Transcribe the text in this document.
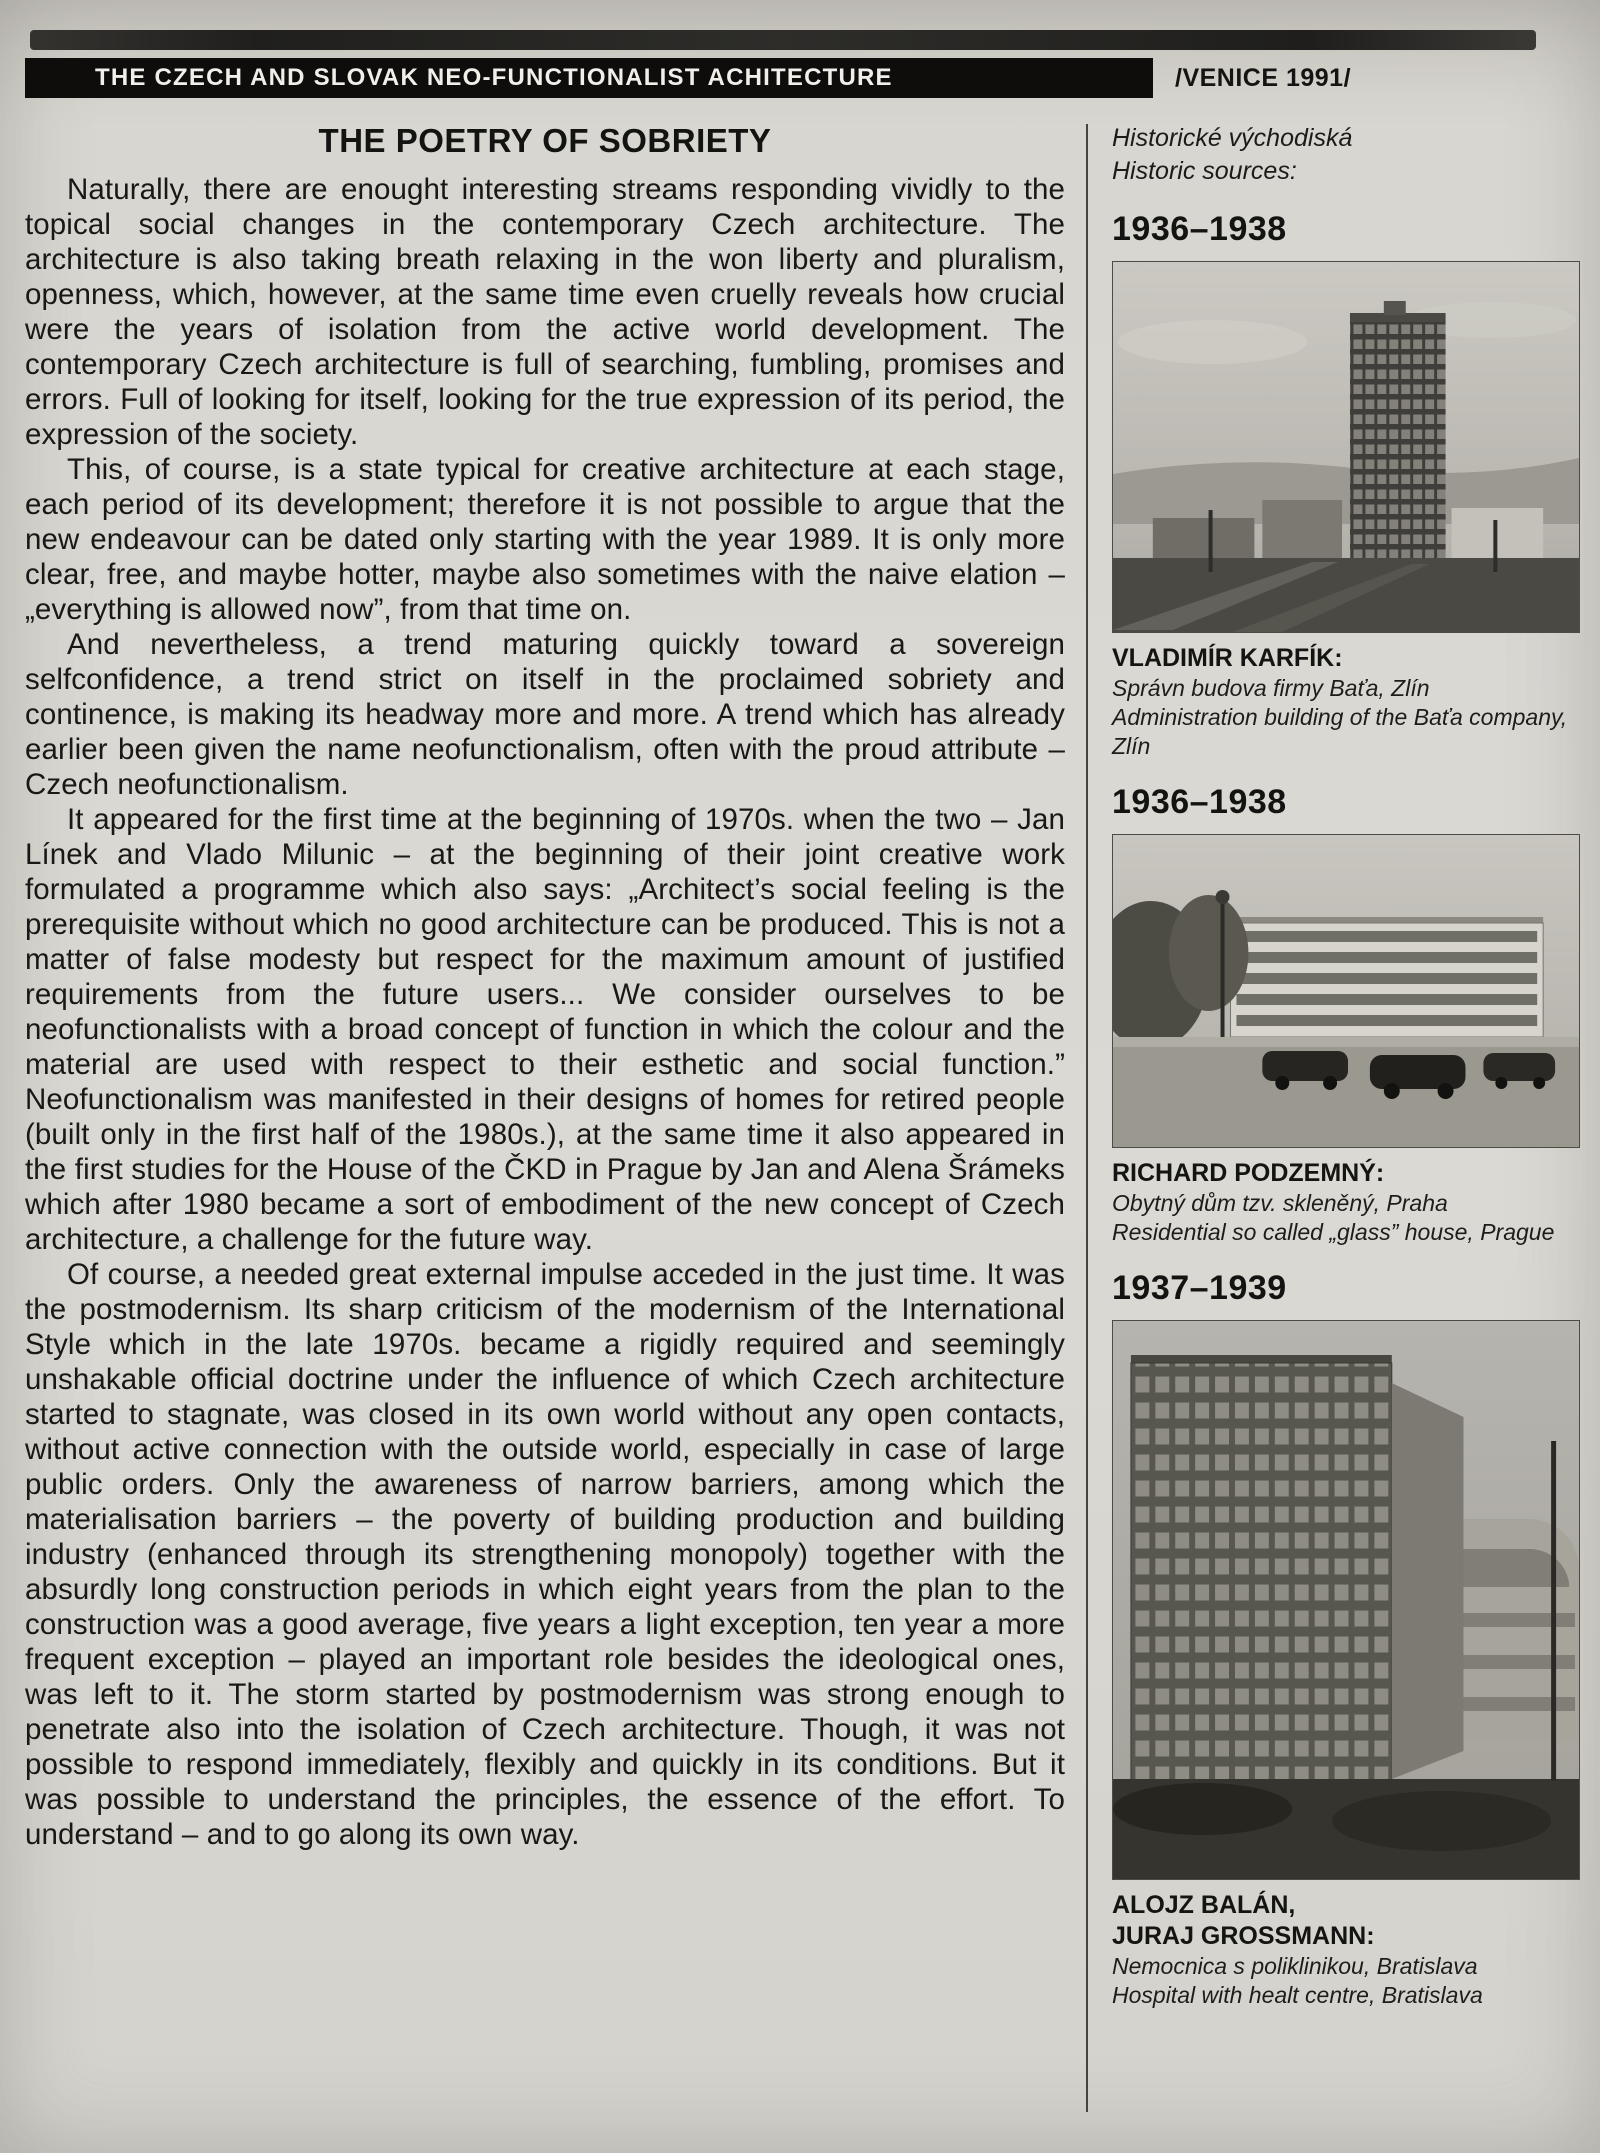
THE CZECH AND SLOVAK NEO-FUNCTIONALIST ACHITECTURE	/VENICE 1991/
THE POETRY OF SOBRIETY

Naturally, there are enought interesting streams responding vividly to the topical social changes in the contemporary Czech architecture. The architecture is also taking breath relaxing in the won liberty and pluralism, openness, which, however, at the same time even cruelly reveals how crucial were the years of isolation from the active world development. The contemporary Czech architecture is full of searching, fumbling, promises and errors. Full of looking for itself, looking for the true expression of its period, the expression of the society.

This, of course, is a state typical for creative architecture at each stage, each period of its development; therefore it is not possible to argue that the new endeavour can be dated only starting with the year 1989. It is only more clear, free, and maybe hotter, maybe also sometimes with the naive elation – „everything is allowed now”, from that time on.

And nevertheless, a trend maturing quickly toward a sovereign selfconfidence, a trend strict on itself in the proclaimed sobriety and continence, is making its headway more and more. A trend which has already earlier been given the name neofunctionalism, often with the proud attribute – Czech neofunctionalism.

It appeared for the first time at the beginning of 1970s. when the two – Jan Línek and Vlado Milunic – at the beginning of their joint creative work formulated a programme which also says: „Architect’s social feeling is the prerequisite without which no good architecture can be produced. This is not a matter of false modesty but respect for the maximum amount of justified requirements from the future users... We consider ourselves to be neofunctionalists with a broad concept of function in which the colour and the material are used with respect to their esthetic and social function.” Neofunctionalism was manifested in their designs of homes for retired people (built only in the first half of the 1980s.), at the same time it also appeared in the first studies for the House of the ČKD in Prague by Jan and Alena Šrámeks which after 1980 became a sort of embodiment of the new concept of Czech architecture, a challenge for the future way.

Of course, a needed great external impulse acceded in the just time. It was the postmodernism. Its sharp criticism of the modernism of the International Style which in the late 1970s. became a rigidly required and seemingly unshakable official doctrine under the influence of which Czech architecture started to stagnate, was closed in its own world without any open contacts, without active connection with the outside world, especially in case of large public orders. Only the awareness of narrow barriers, among which the materialisation barriers – the poverty of building production and building industry (enhanced through its strengthening monopoly) together with the absurdly long construction periods in which eight years from the plan to the construction was a good average, five years a light exception, ten year a more frequent exception – played an important role besides the ideological ones, was left to it. The storm started by postmodernism was strong enough to penetrate also into the isolation of Czech architecture. Though, it was not possible to respond immediately, flexibly and quickly in its conditions. But it was possible to understand the principles, the essence of the effort. To understand – and to go along its own way.

Historické východiská
Historic sources:
1936–1938
VLADIMÍR KARFÍK:
Správn budova firmy Baťa, Zlín
Administration building of the Baťa company,
Zlín
1936–1938
RICHARD PODZEMNÝ:
Obytný dům tzv. skleněný, Praha
Residential so called „glass” house, Prague
1937–1939
ALOJZ BALÁN,
JURAJ GROSSMANN:
Nemocnica s poliklinikou, Bratislava
Hospital with healt centre, Bratislava
